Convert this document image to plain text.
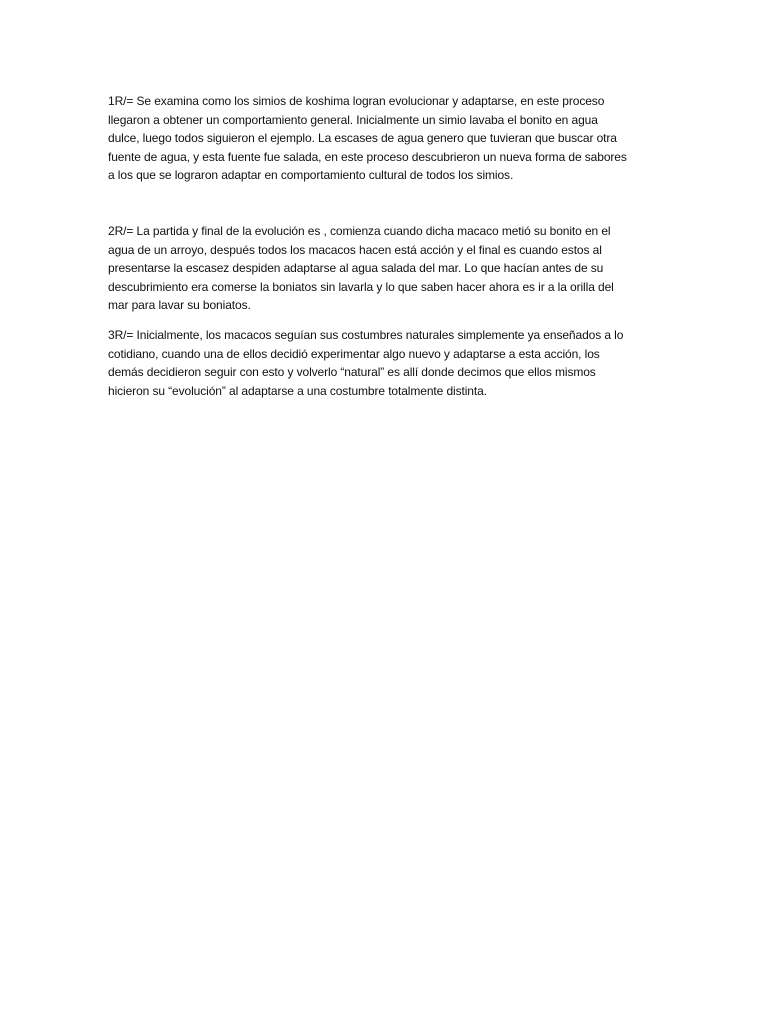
1R/= Se examina como los simios de koshima logran evolucionar y adaptarse, en este proceso
llegaron a obtener un comportamiento general. Inicialmente un simio lavaba el bonito en agua
dulce, luego todos siguieron el ejemplo. La escases de agua genero que tuvieran que buscar otra
fuente de agua, y esta fuente fue salada, en este proceso descubrieron un nueva forma de sabores
a los que se lograron adaptar en comportamiento cultural de todos los simios.

2R/= La partida y final de la evolución es , comienza cuando dicha macaco metió su bonito en el
agua de un arroyo, después todos los macacos hacen está acción y el final es cuando estos al
presentarse la escasez despiden adaptarse al agua salada del mar. Lo que hacían antes de su
descubrimiento era comerse la boniatos sin lavarla y lo que saben hacer ahora es ir a la orilla del
mar para lavar su boniatos.

3R/= Inicialmente, los macacos seguían sus costumbres naturales simplemente ya enseñados a lo
cotidiano, cuando una de ellos decidió experimentar algo nuevo y adaptarse a esta acción, los
demás decidieron seguir con esto y volverlo “natural” es allí donde decimos que ellos mismos
hicieron su “evolución” al adaptarse a una costumbre totalmente distinta.
